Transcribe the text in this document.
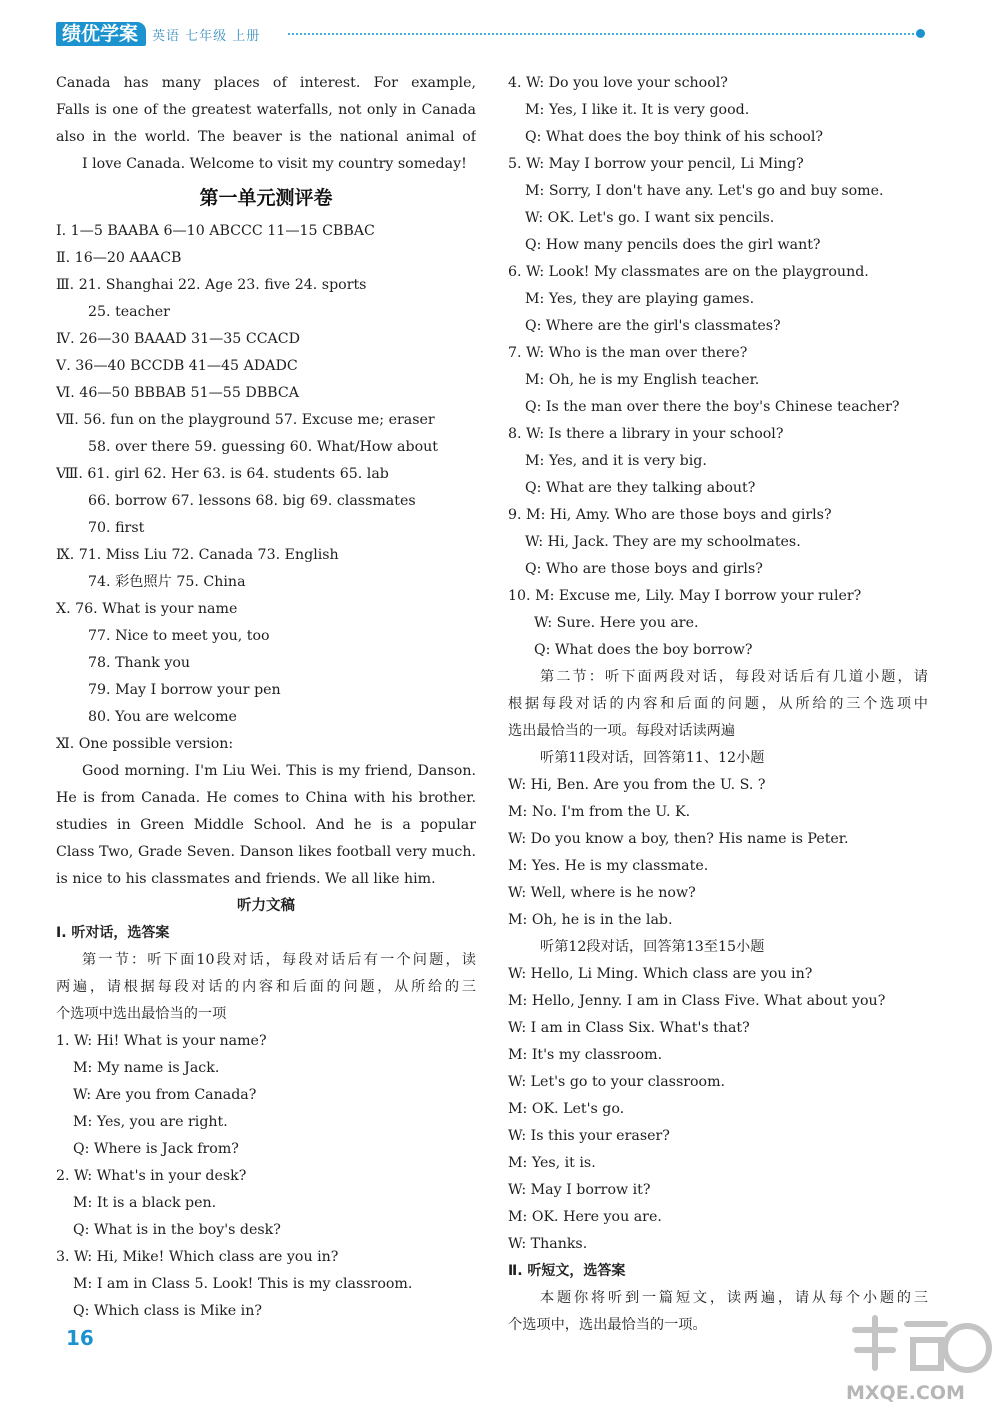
绩优学案	英语 七年级 上册
Canada has many places of interest. For example,
Falls is one of the greatest waterfalls, not only in Canada
also in the world. The beaver is the national animal of
I love Canada. Welcome to visit my country someday!
第一单元测评卷
Ⅰ. 1—5 BAABA 6—10 ABCCC 11—15 CBBAC
Ⅱ. 16—20 AAACB
Ⅲ. 21. Shanghai 22. Age 23. five 24. sports
25. teacher
Ⅳ. 26—30 BAAAD 31—35 CCACD
Ⅴ. 36—40 BCCDB 41—45 ADADC
Ⅵ. 46—50 BBBAB 51—55 DBBCA
Ⅶ. 56. fun on the playground 57. Excuse me; eraser
58. over there 59. guessing 60. What/How about
Ⅷ. 61. girl 62. Her 63. is 64. students 65. lab
66. borrow 67. lessons 68. big 69. classmates
70. first
Ⅸ. 71. Miss Liu 72. Canada 73. English
74. 彩色照片 75. China
Ⅹ. 76. What is your name
77. Nice to meet you, too
78. Thank you
79. May I borrow your pen
80. You are welcome
Ⅺ. One possible version:
Good morning. I'm Liu Wei. This is my friend, Danson.
He is from Canada. He comes to China with his brother.
studies in Green Middle School. And he is a popular
Class Two, Grade Seven. Danson likes football very much.
is nice to his classmates and friends. We all like him.
听力文稿
Ⅰ. 听对话，选答案
第一节：听下面10段对话，每段对话后有一个问题，读
两遍，请根据每段对话的内容和后面的问题，从所给的三
个选项中选出最恰当的一项
1. W: Hi! What is your name?
M: My name is Jack.
W: Are you from Canada?
M: Yes, you are right.
Q: Where is Jack from?
2. W: What's in your desk?
M: It is a black pen.
Q: What is in the boy's desk?
3. W: Hi, Mike! Which class are you in?
M: I am in Class 5. Look! This is my classroom.
Q: Which class is Mike in?
4. W: Do you love your school?
M: Yes, I like it. It is very good.
Q: What does the boy think of his school?
5. W: May I borrow your pencil, Li Ming?
M: Sorry, I don't have any. Let's go and buy some.
W: OK. Let's go. I want six pencils.
Q: How many pencils does the girl want?
6. W: Look! My classmates are on the playground.
M: Yes, they are playing games.
Q: Where are the girl's classmates?
7. W: Who is the man over there?
M: Oh, he is my English teacher.
Q: Is the man over there the boy's Chinese teacher?
8. W: Is there a library in your school?
M: Yes, and it is very big.
Q: What are they talking about?
9. M: Hi, Amy. Who are those boys and girls?
W: Hi, Jack. They are my schoolmates.
Q: Who are those boys and girls?
10. M: Excuse me, Lily. May I borrow your ruler?
W: Sure. Here you are.
Q: What does the boy borrow?
第二节：听下面两段对话，每段对话后有几道小题，请
根据每段对话的内容和后面的问题，从所给的三个选项中
选出最恰当的一项。每段对话读两遍
听第11段对话，回答第11、12小题
W: Hi, Ben. Are you from the U. S. ?
M: No. I'm from the U. K.
W: Do you know a boy, then? His name is Peter.
M: Yes. He is my classmate.
W: Well, where is he now?
M: Oh, he is in the lab.
听第12段对话，回答第13至15小题
W: Hello, Li Ming. Which class are you in?
M: Hello, Jenny. I am in Class Five. What about you?
W: I am in Class Six. What's that?
M: It's my classroom.
W: Let's go to your classroom.
M: OK. Let's go.
W: Is this your eraser?
M: Yes, it is.
W: May I borrow it?
M: OK. Here you are.
W: Thanks.
Ⅱ. 听短文，选答案
本题你将听到一篇短文，读两遍，请从每个小题的三
个选项中，选出最恰当的一项。
16
MXQE.COM
